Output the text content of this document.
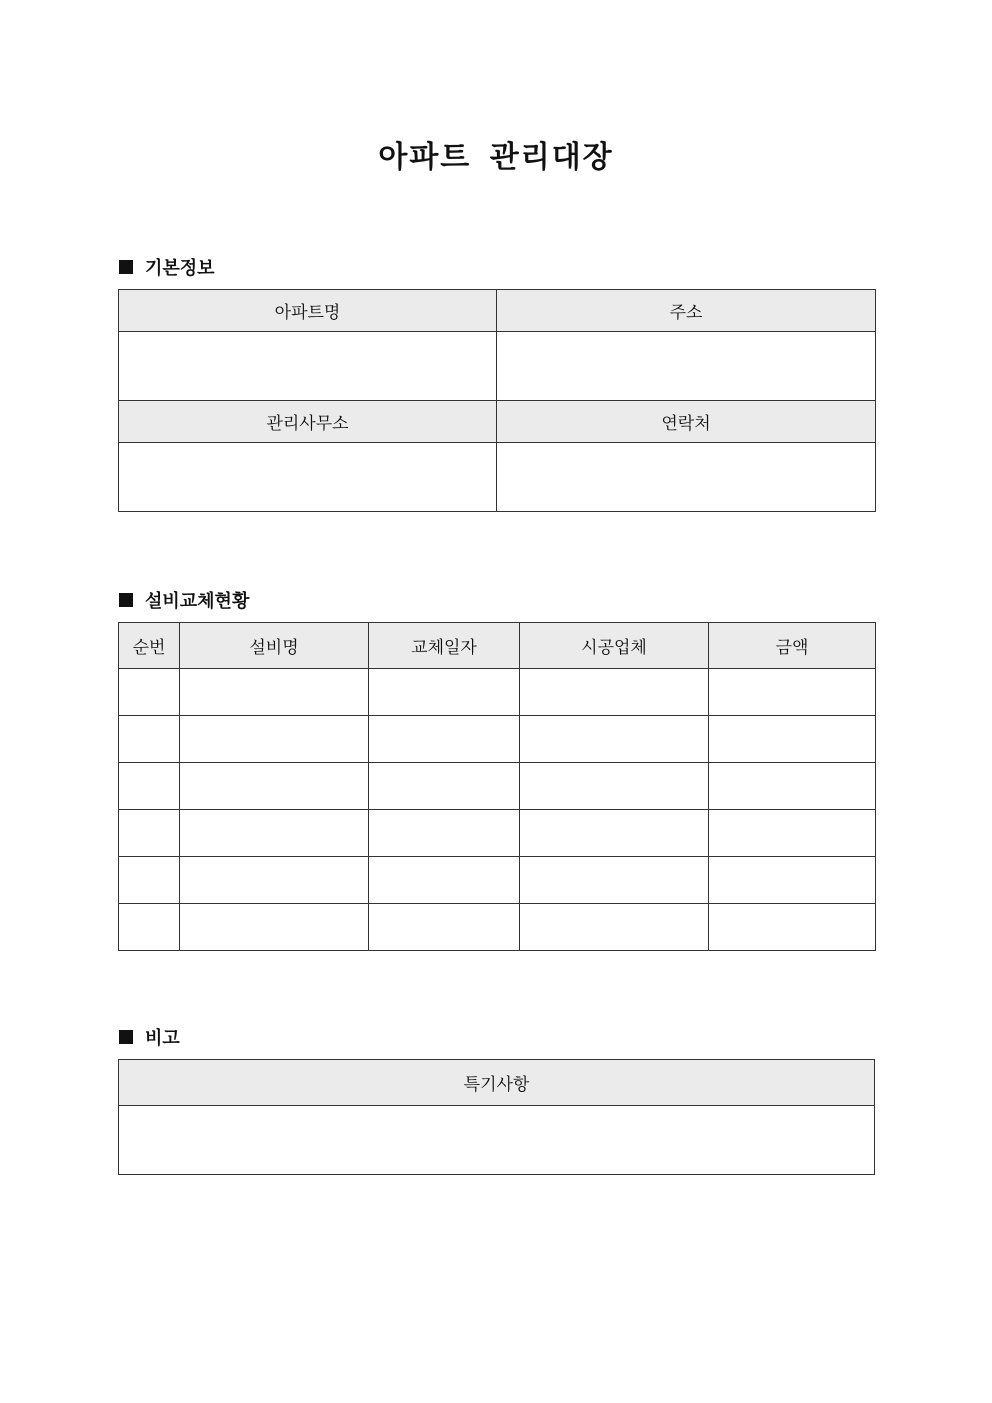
아파트 관리대장
기본정보
아파트명	주소

관리사무소	연락처

설비교체현황
순번	설비명	교체일자	시공업체	금액

비고
특기사항
